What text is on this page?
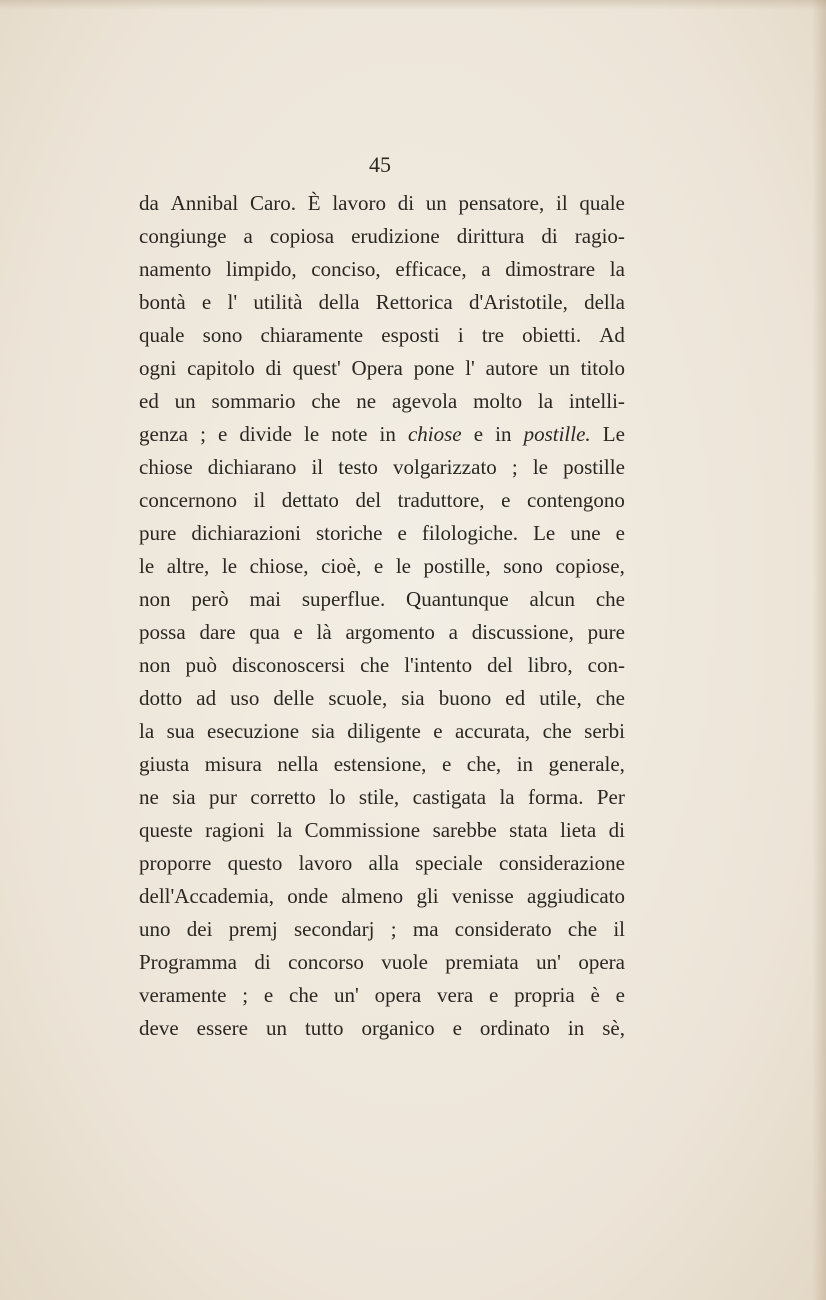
45
da Annibal Caro. È lavoro di un pensatore, il quale
congiunge a copiosa erudizione dirittura di ragio-
namento limpido, conciso, efficace, a dimostrare la
bontà e l' utilità della Rettorica d'Aristotile, della
quale sono chiaramente esposti i tre obietti. Ad
ogni capitolo di quest' Opera pone l' autore un titolo
ed un sommario che ne agevola molto la intelli-
genza ; e divide le note in chiose e in postille. Le
chiose dichiarano il testo volgarizzato ; le postille
concernono il dettato del traduttore, e contengono
pure dichiarazioni storiche e filologiche. Le une e
le altre, le chiose, cioè, e le postille, sono copiose,
non però mai superflue. Quantunque alcun che
possa dare qua e là argomento a discussione, pure
non può disconoscersi che l'intento del libro, con-
dotto ad uso delle scuole, sia buono ed utile, che
la sua esecuzione sia diligente e accurata, che serbi
giusta misura nella estensione, e che, in generale,
ne sia pur corretto lo stile, castigata la forma. Per
queste ragioni la Commissione sarebbe stata lieta di
proporre questo lavoro alla speciale considerazione
dell'Accademia, onde almeno gli venisse aggiudicato
uno dei premj secondarj ; ma considerato che il
Programma di concorso vuole premiata un' opera
veramente ; e che un' opera vera e propria è e
deve essere un tutto organico e ordinato in sè,
